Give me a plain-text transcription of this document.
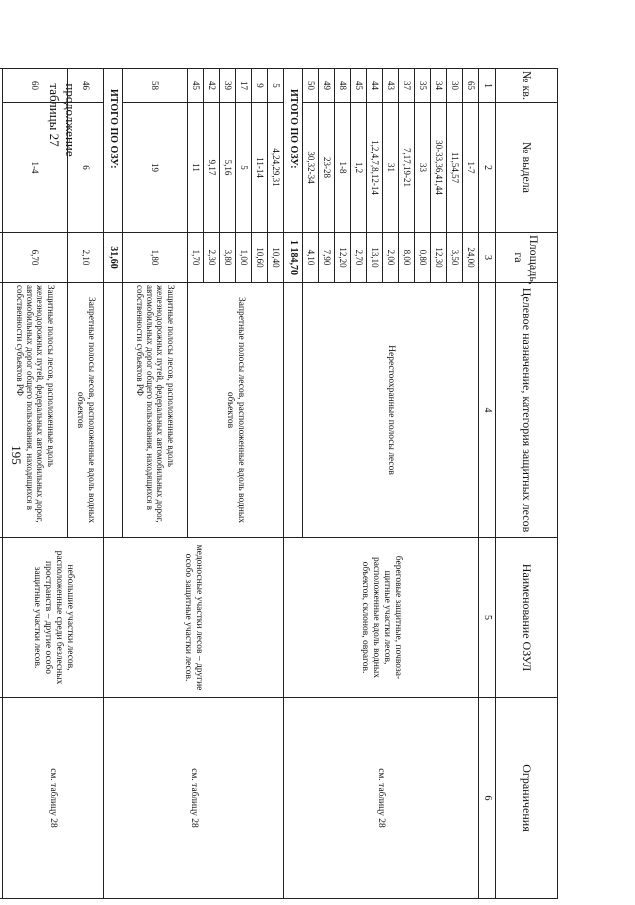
195
продолжение таблицы 27	№ кв.	№ выдела	Площадь, га	Целевое назначение, категория защитных лесов	Наименование ОЗУЛ	Ограничения
1	2	3	4	5	6
65	1-7	24,00	Нерестоохранные полосы лесов	береговые защитные, почвоза-щитные участки лесов, расположенные вдоль водных объектов, склонов, оврагов.	см. таблицу 28
30	11,54,57	3,50			
34	30-33,36,41,44	12,30			
35	33	0,80			
37	7,17,19-21	8,00			
43	31	2,00			
44	1,2,4,7,8,12-14	13,10			
45	1,2	2,70			
48	1-8	12,20			
49	23-28	7,90			
50	30,32-34	4,10			
ИТОГО ПО ОЗУ:		1 184,70			
5	4,24,29,31	10,40	Запретные полосы лесов, расположенные вдоль водных объектов	медоносные участки лесов – другие особо защитные участки лесов.	см. таблицу 28
9	11-14	10,60			
17	5	1,00			
39	5,16	3,80			
42	9,17	2,30			
45	11	1,70			
58	19	1,80	Защитные полосы лесов, расположенные вдоль железнодорожных путей, федеральных автомобильных дорог, автомобильных дорог общего пользования, находящихся в собственности субъектов РФ		
ИТОГО ПО ОЗУ:		31,60			
46	6	2,10	Запретные полосы лесов, расположенные вдоль водных объектов	небольшие участки лесов, расположенные среди безлесных пространств – другие особо защитные участки лесов.	см. таблицу 28
60	1-4	6,70	Защитные полосы лесов, расположенные вдоль железнодорожных путей, федеральных автомобильных дорог, автомобильных дорог общего пользования, находящихся в собственности субъектов РФ		
